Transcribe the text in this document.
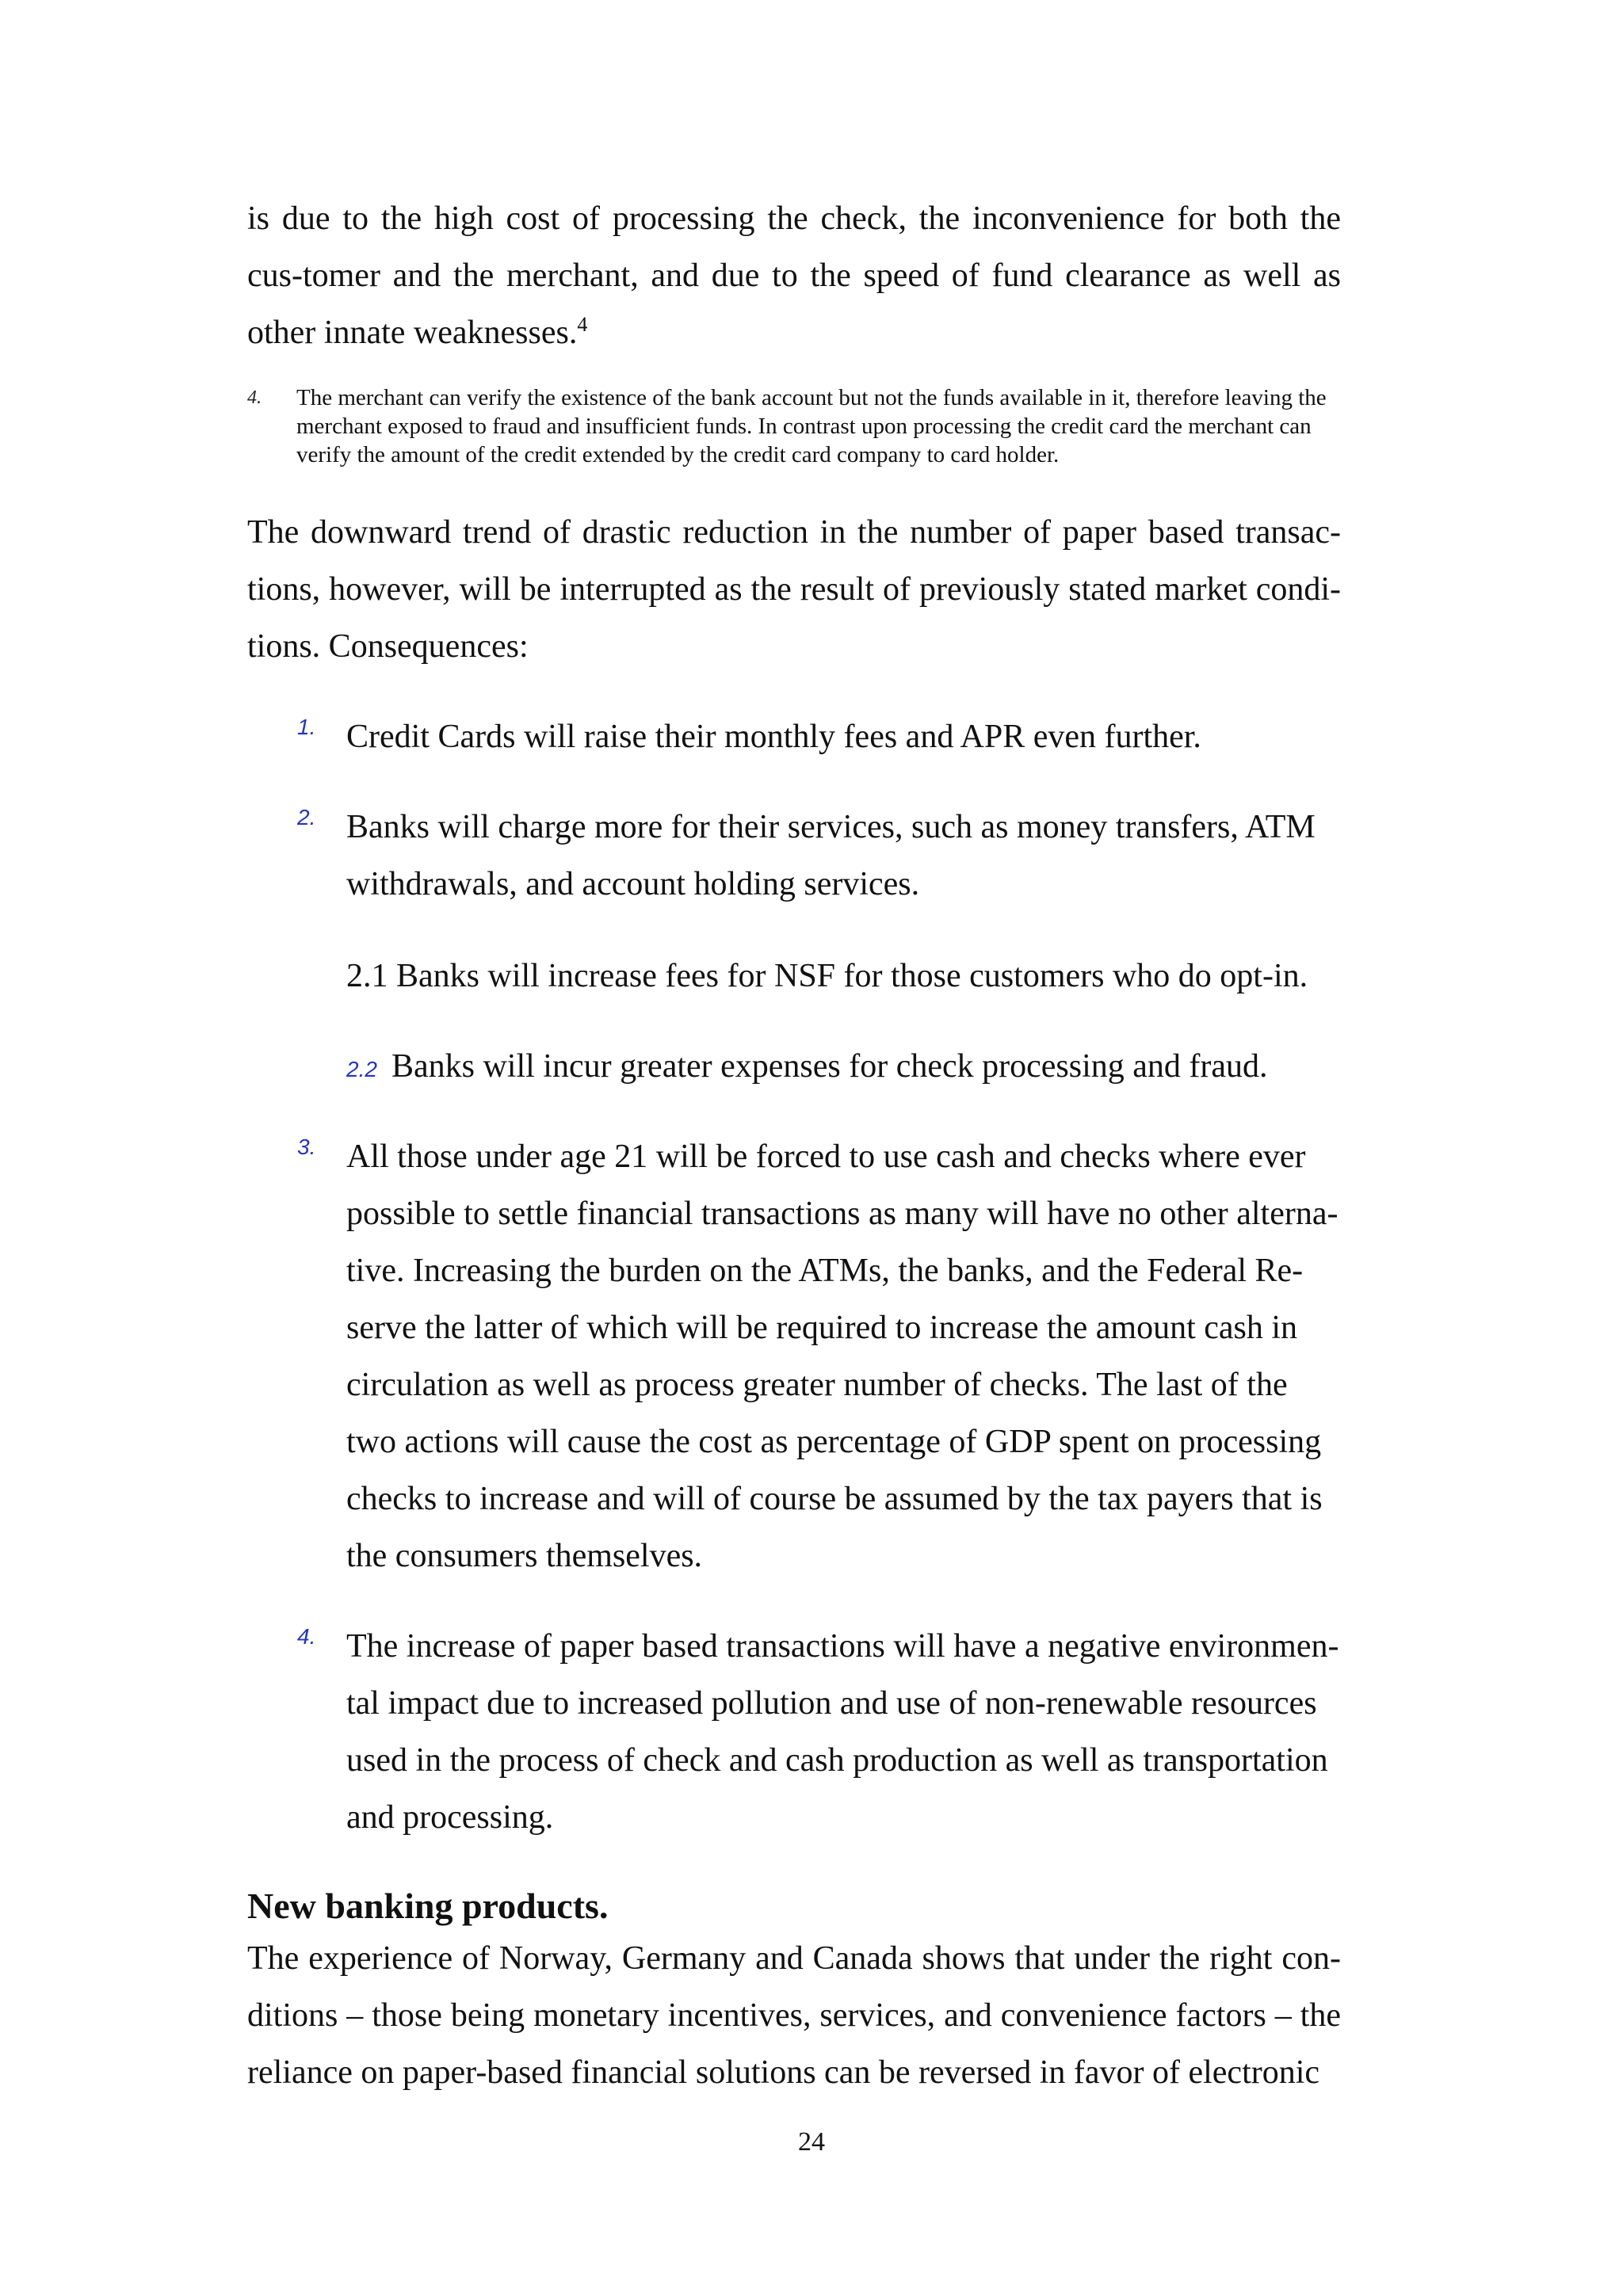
is due to the high cost of processing the check, the inconvenience for both the cus-tomer and the merchant, and due to the speed of fund clearance as well as other innate weaknesses.$^4$

4. The merchant can verify the existence of the bank account but not the funds available in it, therefore leaving the merchant exposed to fraud and insufficient funds. In contrast upon processing the credit card the merchant can verify the amount of the credit extended by the credit card company to card holder.

The downward trend of drastic reduction in the number of paper based transac-tions, however, will be interrupted as the result of previously stated market condi-tions. Consequences:

1. Credit Cards will raise their monthly fees and APR even further.
2. Banks will charge more for their services, such as money transfers, ATM withdrawals, and account holding services.
2.1 Banks will increase fees for NSF for those customers who do opt-in.
2.2 Banks will incur greater expenses for check processing and fraud.
3. All those under age 21 will be forced to use cash and checks where ever possible to settle financial transactions as many will have no other alterna-tive. Increasing the burden on the ATMs, the banks, and the Federal Re-serve the latter of which will be required to increase the amount cash in circulation as well as process greater number of checks. The last of the two actions will cause the cost as percentage of GDP spent on processing checks to increase and will of course be assumed by the tax payers that is the consumers themselves.
4. The increase of paper based transactions will have a negative environmen-tal impact due to increased pollution and use of non-renewable resources used in the process of check and cash production as well as transportation and processing.
New banking products.

The experience of Norway, Germany and Canada shows that under the right con-ditions – those being monetary incentives, services, and convenience factors – the reliance on paper-based financial solutions can be reversed in favor of electronic

24
